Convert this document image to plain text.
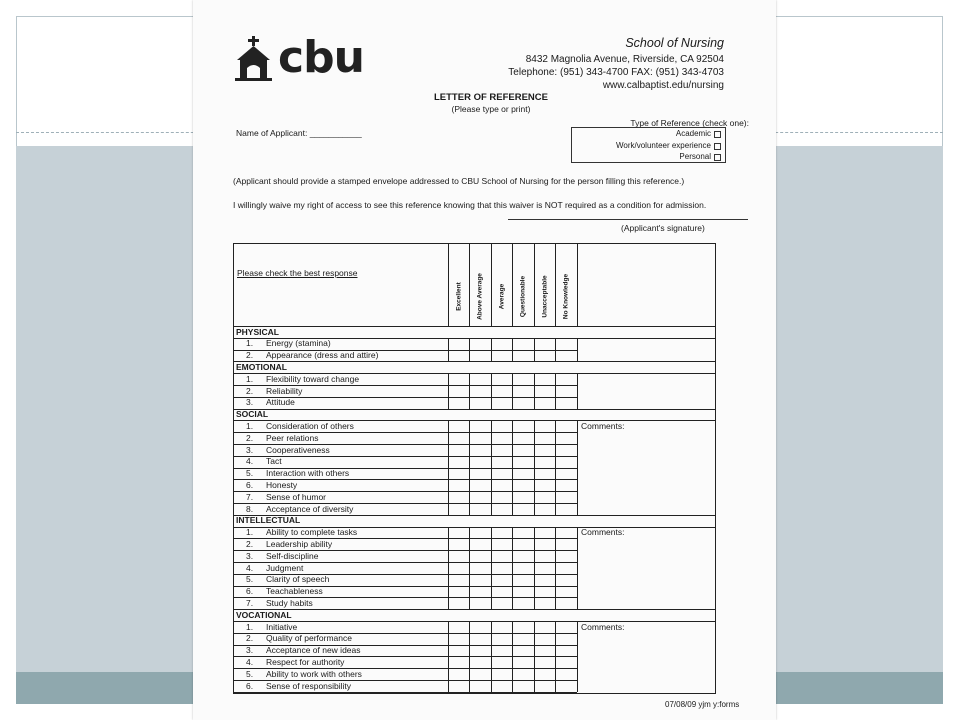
cbu	School of Nursing
8432 Magnolia Avenue, Riverside, CA 92504
Telephone: (951) 343-4700 FAX: (951) 343-4703
www.calbaptist.edu/nursing
LETTER OF REFERENCE
(Please type or print)
Name of Applicant: ___________
Type of Reference (check one):
Academic
Work/volunteer experience
Personal
(Applicant should provide a stamped envelope addressed to CBU School of Nursing for the person filling this reference.)
I willingly waive my right of access to see this reference knowing that this waiver is NOT required as a condition for admission.
(Applicant's signature)
Please check the best response
Excellent	Above Average	Average	Questionable	Unacceptable	No Knowledge
PHYSICAL
1. Energy (stamina)
2. Appearance (dress and attire)
EMOTIONAL
1. Flexibility toward change
2. Reliability
3. Attitude
SOCIAL
1. Consideration of others
2. Peer relations
3. Cooperativeness
4. Tact
5. Interaction with others
6. Honesty
7. Sense of humor
8. Acceptance of diversity
Comments:
INTELLECTUAL
1. Ability to complete tasks
2. Leadership ability
3. Self-discipline
4. Judgment
5. Clarity of speech
6. Teachableness
7. Study habits
Comments:
VOCATIONAL
1. Initiative
2. Quality of performance
3. Acceptance of new ideas
4. Respect for authority
5. Ability to work with others
6. Sense of responsibility
Comments:
07/08/09 yjm y:forms
